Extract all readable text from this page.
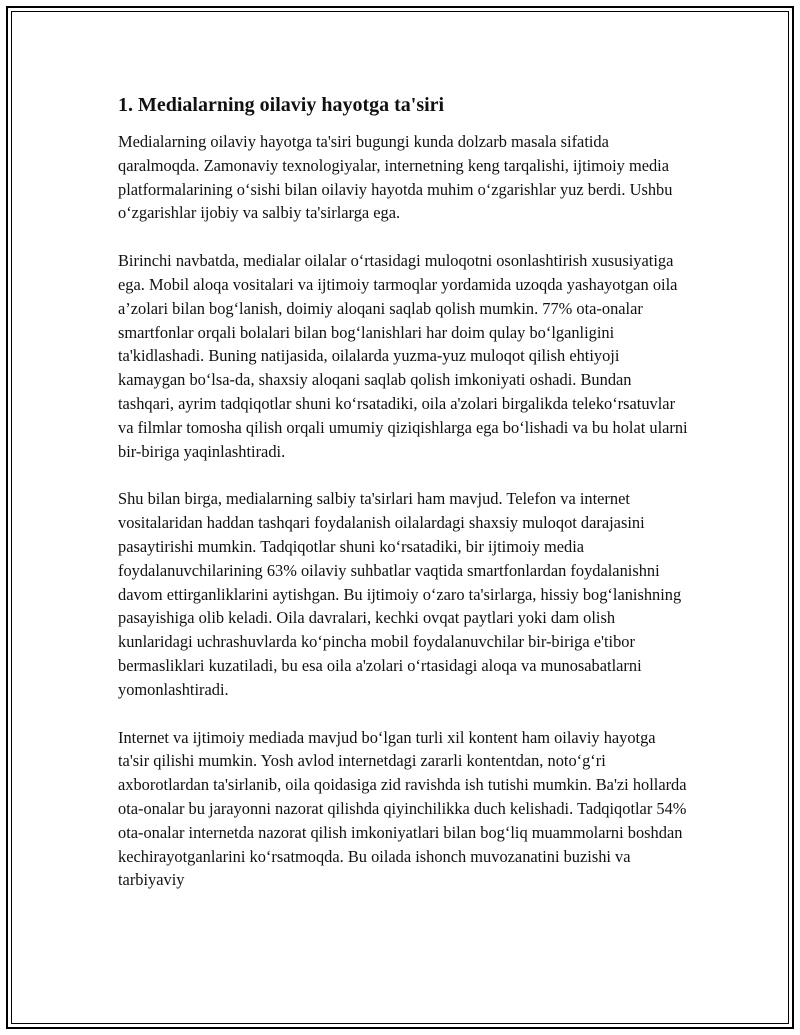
1. Medialarning oilaviy hayotga ta'siri

Medialarning oilaviy hayotga ta'siri bugungi kunda dolzarb masala sifatida qaralmoqda. Zamonaviy texnologiyalar, internetning keng tarqalishi, ijtimoiy media platformalarining o‘sishi bilan oilaviy hayotda muhim o‘zgarishlar yuz berdi. Ushbu o‘zgarishlar ijobiy va salbiy ta'sirlarga ega.

Birinchi navbatda, medialar oilalar o‘rtasidagi muloqotni osonlashtirish xususiyatiga ega. Mobil aloqa vositalari va ijtimoiy tarmoqlar yordamida uzoqda yashayotgan oila a’zolari bilan bog‘lanish, doimiy aloqani saqlab qolish mumkin. 77% ota-onalar smartfonlar orqali bolalari bilan bog‘lanishlari har doim qulay bo‘lganligini ta'kidlashadi. Buning natijasida, oilalarda yuzma-yuz muloqot qilish ehtiyoji kamaygan bo‘lsa-da, shaxsiy aloqani saqlab qolish imkoniyati oshadi. Bundan tashqari, ayrim tadqiqotlar shuni ko‘rsatadiki, oila a'zolari birgalikda teleko‘rsatuvlar va filmlar tomosha qilish orqali umumiy qiziqishlarga ega bo‘lishadi va bu holat ularni bir-biriga yaqinlashtiradi.

Shu bilan birga, medialarning salbiy ta'sirlari ham mavjud. Telefon va internet vositalaridan haddan tashqari foydalanish oilalardagi shaxsiy muloqot darajasini pasaytirishi mumkin. Tadqiqotlar shuni ko‘rsatadiki, bir ijtimoiy media foydalanuvchilarining 63% oilaviy suhbatlar vaqtida smartfonlardan foydalanishni davom ettirganliklarini aytishgan. Bu ijtimoiy o‘zaro ta'sirlarga, hissiy bog‘lanishning pasayishiga olib keladi. Oila davralari, kechki ovqat paytlari yoki dam olish kunlaridagi uchrashuvlarda ko‘pincha mobil foydalanuvchilar bir-biriga e'tibor bermasliklari kuzatiladi, bu esa oila a'zolari o‘rtasidagi aloqa va munosabatlarni yomonlashtiradi.

Internet va ijtimoiy mediada mavjud bo‘lgan turli xil kontent ham oilaviy hayotga ta'sir qilishi mumkin. Yosh avlod internetdagi zararli kontentdan, noto‘g‘ri axborotlardan ta'sirlanib, oila qoidasiga zid ravishda ish tutishi mumkin. Ba'zi hollarda ota-onalar bu jarayonni nazorat qilishda qiyinchilikka duch kelishadi. Tadqiqotlar 54% ota-onalar internetda nazorat qilish imkoniyatlari bilan bog‘liq muammolarni boshdan kechirayotganlarini ko‘rsatmoqda. Bu oilada ishonch muvozanatini buzishi va tarbiyaviy
